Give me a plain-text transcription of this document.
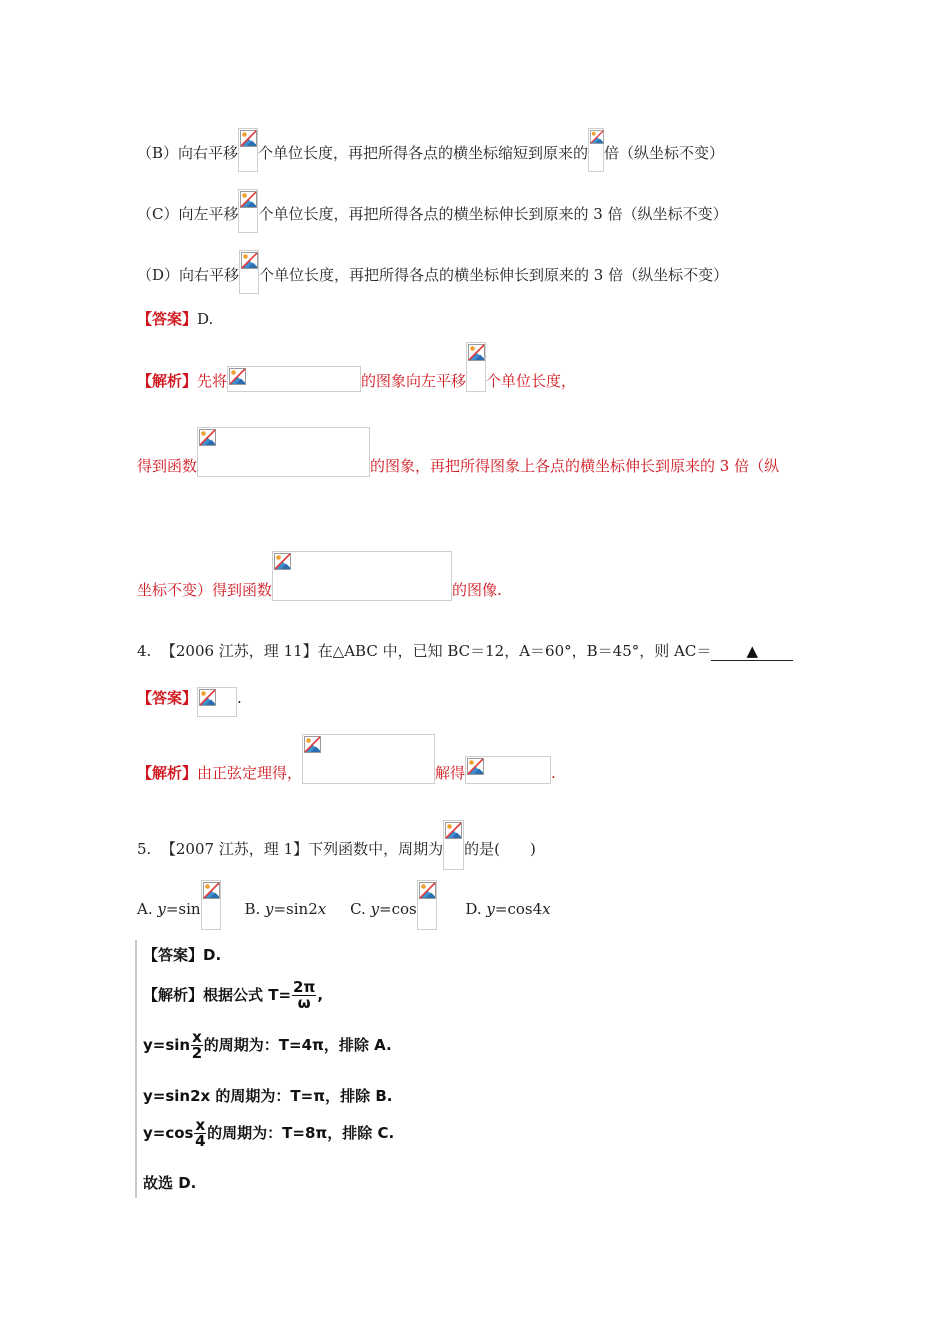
（B）向右平移 个单位长度，再把所得各点的横坐标缩短到原来的 倍（纵坐标不变）
（C）向左平移 个单位长度，再把所得各点的横坐标伸长到原来的 3 倍（纵坐标不变）
（D）向右平移 个单位长度，再把所得各点的横坐标伸长到原来的 3 倍（纵坐标不变）
【答案】D.
【解析】先将	的图象向左平移 个单位长度，
得到函数	的图象，再把所得图象上各点的横坐标伸长到原来的 3 倍（纵
坐标不变）得到函数	的图像.
4. 【2006 江苏，理 11】在△ABC 中，已知 BC＝12，A＝60°，B＝45°，则 AC＝ ▲
【答案】	.
【解析】由正弦定理得，	解得	.
5. 【2007 江苏，理 1】下列函数中，周期为 的是(　　)
A. y=sin	B. y=sin2x C. y=cos	D. y=cos4x
【答案】D.
【解析】根据公式 $T= \frac{2\pi}{\omega}$ ,
$y=\sin \frac{x}{2}$ 的周期为：T=4π，排除 A.
y=sin2x 的周期为：T=π，排除 B.
$y=\cos \frac{x}{4}$ 的周期为：T=8π，排除 C.
故选 D.
